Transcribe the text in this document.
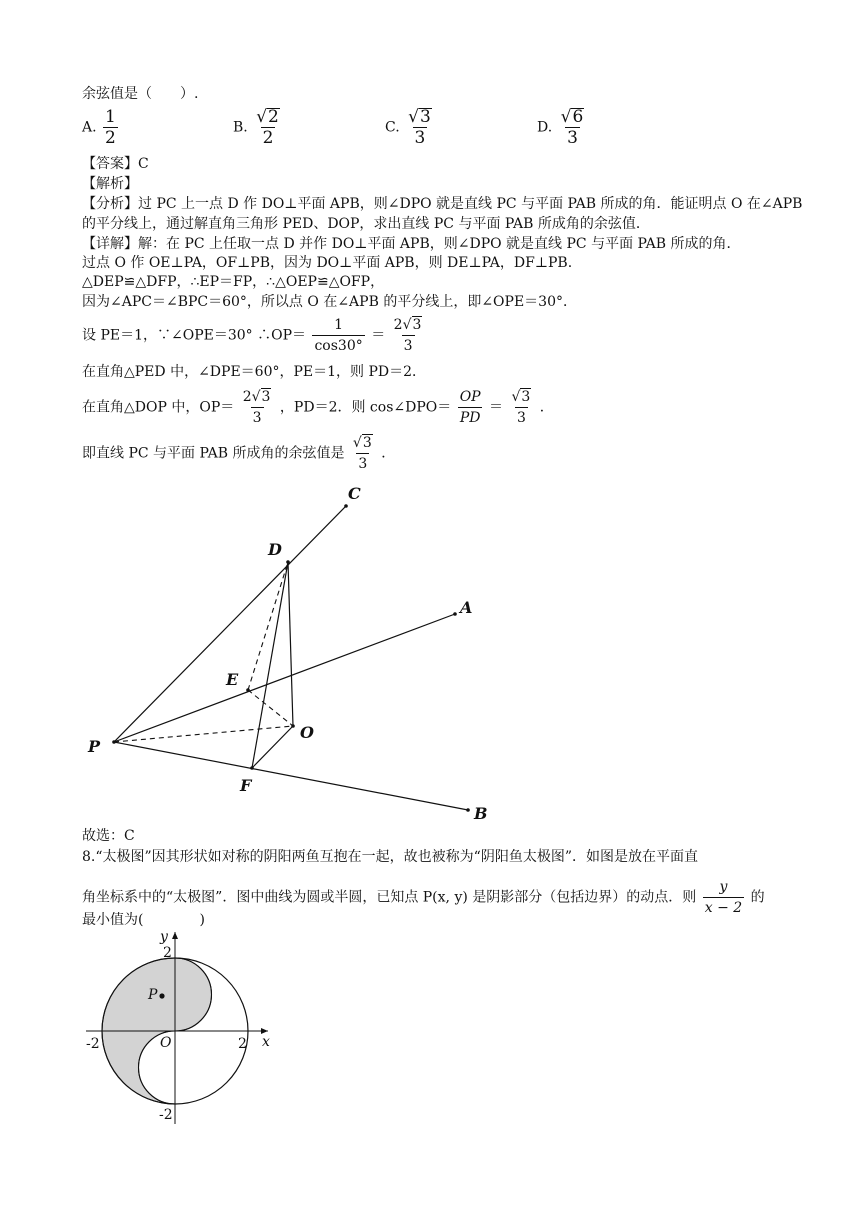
余弦值是（　　）.
A. $\frac{1}{2}$	B. $\frac{√2}{2}$	C. $\frac{√3}{3}$	D. $\frac{√6}{3}$
【答案】C
【解析】
【分析】过 PC 上一点 D 作 DO⊥平面 APB，则∠DPO 就是直线 PC 与平面 PAB 所成的角．能证明点 O 在∠APB
的平分线上，通过解直角三角形 PED、DOP，求出直线 PC 与平面 PAB 所成角的余弦值．
【详解】解：在 PC 上任取一点 D 并作 DO⊥平面 APB，则∠DPO 就是直线 PC 与平面 PAB 所成的角．
过点 O 作 OE⊥PA，OF⊥PB，因为 DO⊥平面 APB，则 DE⊥PA，DF⊥PB.
△DEP≌△DFP，∴EP＝FP，∴△OEP≌△OFP，
因为∠APC＝∠BPC＝60°，所以点 O 在∠APB 的平分线上，即∠OPE＝30°．
设 PE＝1，∵∠OPE＝30° ∴OP＝ $\frac{1}{\cos 30^\circ} = \frac{2√3}{3}$
在直角△PED 中，∠DPE＝60°，PE＝1，则 PD＝2．
在直角△DOP 中，$OP= \frac{2√3}{3}$ ，PD＝2．则 cos∠DPO＝ $\frac{OP}{PD} = \frac{√3}{3}$ ．
即直线 PC 与平面 PAB 所成角的余弦值是 $\frac{√3}{3}$ ．
C
D
A
E
O
P
F
B
故选：C
8.“太极图”因其形状如对称的阴阳两鱼互抱在一起，故也被称为“阴阳鱼太极图”．如图是放在平面直
角坐标系中的“太极图”．图中曲线为圆或半圆，已知点 P(x, y) 是阴影部分（包括边界）的动点．则 $\frac{y}{x - 2}$ 的
最小值为(　　　　)
y
x
O
2
-2
-2	2
P
